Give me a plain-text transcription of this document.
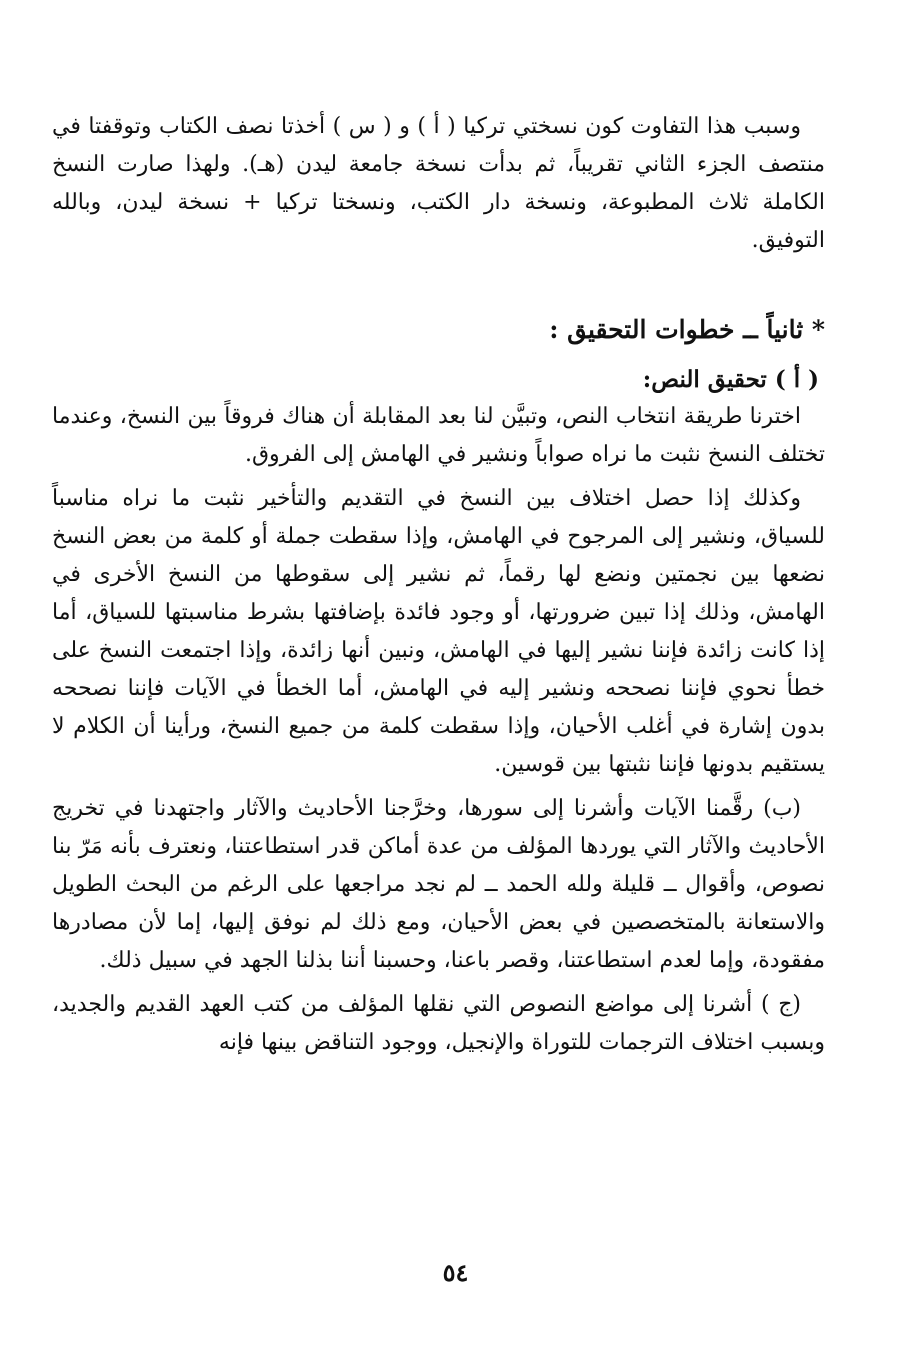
وسبب هذا التفاوت كون نسختي تركيا ( أ ) و ( س ) أخذتا نصف الكتاب وتوقفتا في منتصف الجزء الثاني تقريباً، ثم بدأت نسخة جامعة ليدن (هـ). ولهذا صارت النسخ الكاملة ثلاث المطبوعة، ونسخة دار الكتب، ونسختا تركيا + نسخة ليدن، وبالله التوفيق.

* ثانياً ــ خطوات التحقيق :

( أ ) تحقيق النص:

اخترنا طريقة انتخاب النص، وتبيَّن لنا بعد المقابلة أن هناك فروقاً بين النسخ، وعندما تختلف النسخ نثبت ما نراه صواباً ونشير في الهامش إلى الفروق.

وكذلك إذا حصل اختلاف بين النسخ في التقديم والتأخير نثبت ما نراه مناسباً للسياق، ونشير إلى المرجوح في الهامش، وإذا سقطت جملة أو كلمة من بعض النسخ نضعها بين نجمتين ونضع لها رقماً، ثم نشير إلى سقوطها من النسخ الأخرى في الهامش، وذلك إذا تبين ضرورتها، أو وجود فائدة بإضافتها بشرط مناسبتها للسياق، أما إذا كانت زائدة فإننا نشير إليها في الهامش، ونبين أنها زائدة، وإذا اجتمعت النسخ على خطأ نحوي فإننا نصححه ونشير إليه في الهامش، أما الخطأ في الآيات فإننا نصححه بدون إشارة في أغلب الأحيان، وإذا سقطت كلمة من جميع النسخ، ورأينا أن الكلام لا يستقيم بدونها فإننا نثبتها بين قوسين.

(ب) رقَّمنا الآيات وأشرنا إلى سورها، وخرَّجنا الأحاديث والآثار واجتهدنا في تخريج الأحاديث والآثار التي يوردها المؤلف من عدة أماكن قدر استطاعتنا، ونعترف بأنه مَرّ بنا نصوص، وأقوال ــ قليلة ولله الحمد ــ لم نجد مراجعها على الرغم من البحث الطويل والاستعانة بالمتخصصين في بعض الأحيان، ومع ذلك لم نوفق إليها، إما لأن مصادرها مفقودة، وإما لعدم استطاعتنا، وقصر باعنا، وحسبنا أننا بذلنا الجهد في سبيل ذلك.

(ج ) أشرنا إلى مواضع النصوص التي نقلها المؤلف من كتب العهد القديم والجديد، وبسبب اختلاف الترجمات للتوراة والإنجيل، ووجود التناقض بينها فإنه

٥٤
